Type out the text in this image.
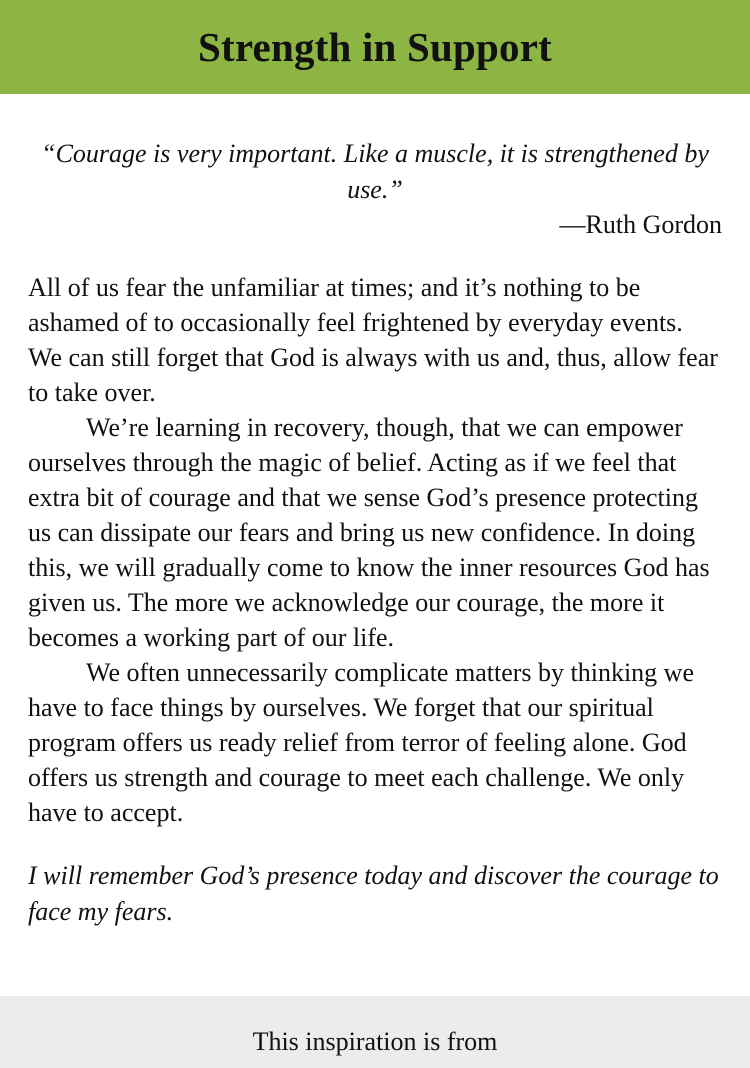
Strength in Support
“Courage is very important. Like a muscle, it is strengthened by use.”
—Ruth Gordon

All of us fear the unfamiliar at times; and it’s nothing to be ashamed of to occasionally feel frightened by everyday events. We can still forget that God is always with us and, thus, allow fear to take over.

We’re learning in recovery, though, that we can empower ourselves through the magic of belief. Acting as if we feel that extra bit of courage and that we sense God’s presence protecting us can dissipate our fears and bring us new confidence. In doing this, we will gradually come to know the inner resources God has given us. The more we acknowledge our courage, the more it becomes a working part of our life.

We often unnecessarily complicate matters by thinking we have to face things by ourselves. We forget that our spiritual program offers us ready relief from terror of feeling alone. God offers us strength and courage to meet each challenge. We only have to accept.

I will remember God’s presence today and discover the courage to face my fears.
This inspiration is from
